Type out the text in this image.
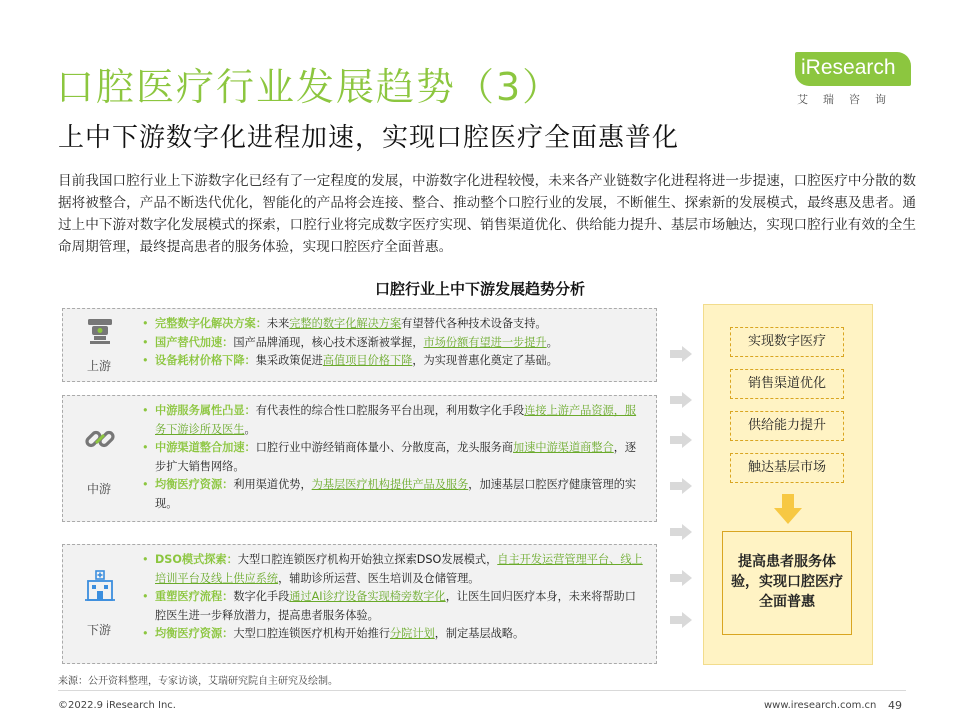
口腔医疗行业发展趋势（3）
上中下游数字化进程加速，实现口腔医疗全面惠普化
iResearch
艾瑞咨询
目前我国口腔行业上下游数字化已经有了一定程度的发展，中游数字化进程较慢，未来各产业链数字化进程将进一步提速，口腔医疗中分散的数据将被整合，产品不断迭代优化，智能化的产品将会连接、整合、推动整个口腔行业的发展，不断催生、探索新的发展模式，最终惠及患者。通过上中下游对数字化发展模式的探索，口腔行业将完成数字医疗实现、销售渠道优化、供给能力提升、基层市场触达，实现口腔行业有效的全生命周期管理，最终提高患者的服务体验，实现口腔医疗全面普惠。
口腔行业上中下游发展趋势分析
上游
• 完整数字化解决方案：未来完整的数字化解决方案有望替代各种技术设备支持。
• 国产替代加速：国产品牌涌现，核心技术逐渐被掌握，市场份额有望进一步提升。
• 设备耗材价格下降：集采政策促进高值项目价格下降，为实现普惠化奠定了基础。
中游
• 中游服务属性凸显：有代表性的综合性口腔服务平台出现，利用数字化手段连接上游产品资源，服务下游诊所及医生。
• 中游渠道整合加速：口腔行业中游经销商体量小、分散度高，龙头服务商加速中游渠道商整合，逐步扩大销售网络。
• 均衡医疗资源：利用渠道优势，为基层医疗机构提供产品及服务，加速基层口腔医疗健康管理的实现。
下游
• DSO模式探索：大型口腔连锁医疗机构开始独立探索DSO发展模式，自主开发运营管理平台、线上培训平台及线上供应系统，辅助诊所运营、医生培训及仓储管理。
• 重塑医疗流程：数字化手段通过AI诊疗设备实现椅旁数字化，让医生回归医疗本身，未来将帮助口腔医生进一步释放潜力，提高患者服务体验。
• 均衡医疗资源：大型口腔连锁医疗机构开始推行分院计划，制定基层战略。
实现数字医疗
销售渠道优化
供给能力提升
触达基层市场
提高患者服务体验，实现口腔医疗全面普惠
来源：公开资料整理，专家访谈，艾瑞研究院自主研究及绘制。
©2022.9 iResearch Inc.	www.iresearch.com.cn 49
